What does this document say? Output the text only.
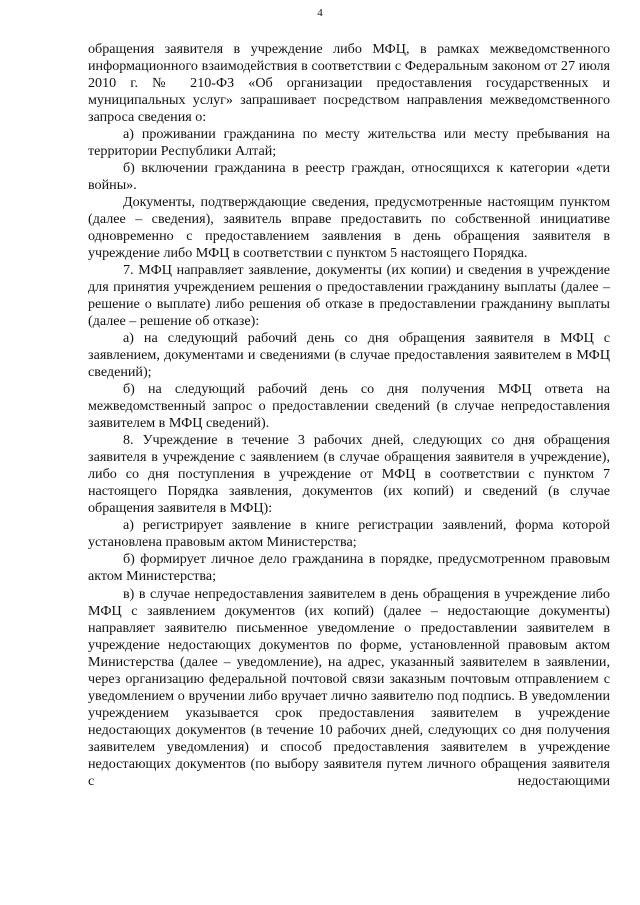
4

обращения заявителя в учреждение либо МФЦ, в рамках межведомственного информационного взаимодействия в соответствии с Федеральным законом от 27 июля 2010 г. № 210-ФЗ «Об организации предоставления государственных и муниципальных услуг» запрашивает посредством направления межведомственного запроса сведения о:

а) проживании гражданина по месту жительства или месту пребывания на территории Республики Алтай;

б) включении гражданина в реестр граждан, относящихся к категории «дети войны».

Документы, подтверждающие сведения, предусмотренные настоящим пунктом (далее – сведения), заявитель вправе предоставить по собственной инициативе одновременно с предоставлением заявления в день обращения заявителя в учреждение либо МФЦ в соответствии с пунктом 5 настоящего Порядка.

7. МФЦ направляет заявление, документы (их копии) и сведения в учреждение для принятия учреждением решения о предоставлении гражданину выплаты (далее – решение о выплате) либо решения об отказе в предоставлении гражданину выплаты (далее – решение об отказе):

а) на следующий рабочий день со дня обращения заявителя в МФЦ с заявлением, документами и сведениями (в случае предоставления заявителем в МФЦ сведений);

б) на следующий рабочий день со дня получения МФЦ ответа на межведомственный запрос о предоставлении сведений (в случае непредоставления заявителем в МФЦ сведений).

8. Учреждение в течение 3 рабочих дней, следующих со дня обращения заявителя в учреждение с заявлением (в случае обращения заявителя в учреждение), либо со дня поступления в учреждение от МФЦ в соответствии с пунктом 7 настоящего Порядка заявления, документов (их копий) и сведений (в случае обращения заявителя в МФЦ):

а) регистрирует заявление в книге регистрации заявлений, форма которой установлена правовым актом Министерства;

б) формирует личное дело гражданина в порядке, предусмотренном правовым актом Министерства;

в) в случае непредоставления заявителем в день обращения в учреждение либо МФЦ с заявлением документов (их копий) (далее – недостающие документы) направляет заявителю письменное уведомление о предоставлении заявителем в учреждение недостающих документов по форме, установленной правовым актом Министерства (далее – уведомление), на адрес, указанный заявителем в заявлении, через организацию федеральной почтовой связи заказным почтовым отправлением с уведомлением о вручении либо вручает лично заявителю под подпись. В уведомлении учреждением указывается срок предоставления заявителем в учреждение недостающих документов (в течение 10 рабочих дней, следующих со дня получения заявителем уведомления) и способ предоставления заявителем в учреждение недостающих документов (по выбору заявителя путем личного обращения заявителя с недостающими
